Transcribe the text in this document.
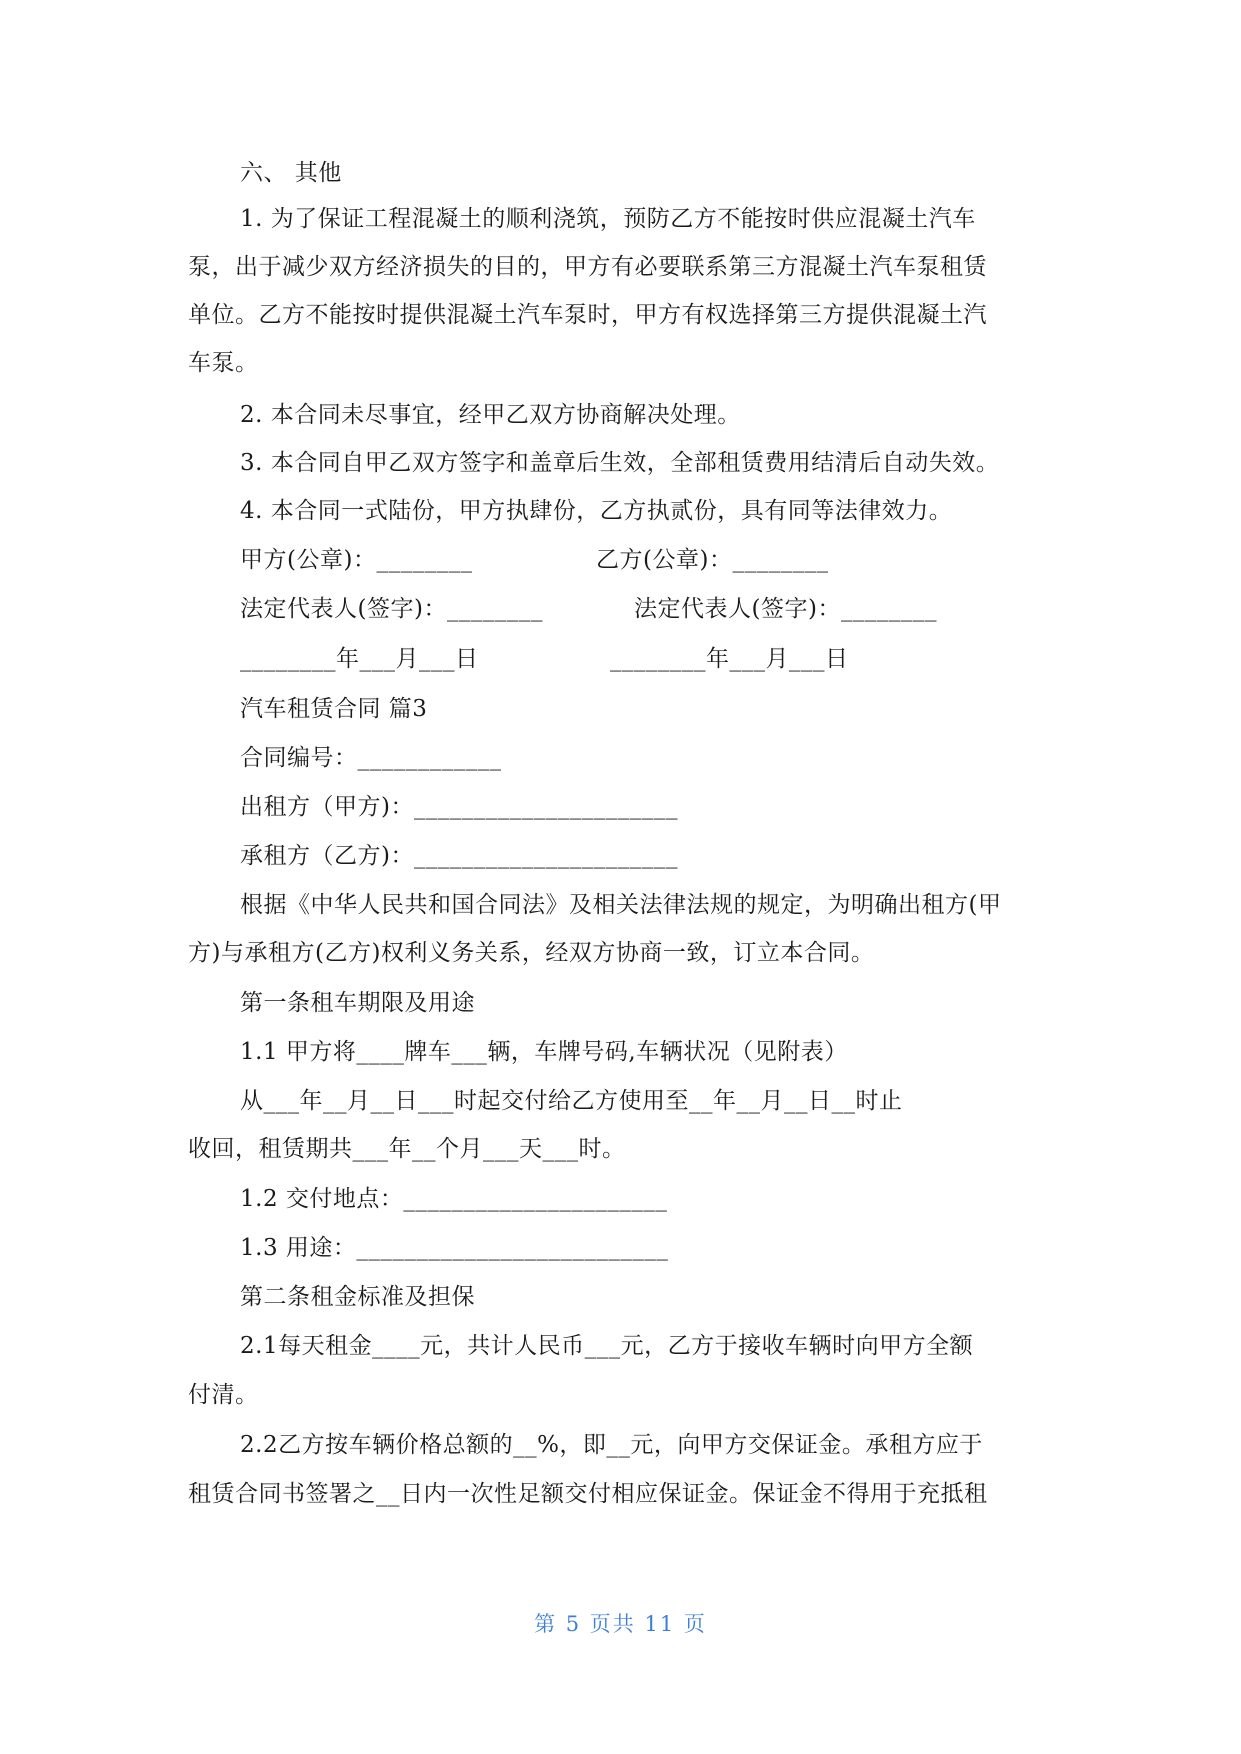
六、 其他
1. 为了保证工程混凝土的顺利浇筑，预防乙方不能按时供应混凝土汽车
泵，出于减少双方经济损失的目的，甲方有必要联系第三方混凝土汽车泵租赁
单位。乙方不能按时提供混凝土汽车泵时，甲方有权选择第三方提供混凝土汽
车泵。
2. 本合同未尽事宜，经甲乙双方协商解决处理。
3. 本合同自甲乙双方签字和盖章后生效，全部租赁费用结清后自动失效。
4. 本合同一式陆份，甲方执肆份，乙方执贰份，具有同等法律效力。
甲方(公章)：________	乙方(公章)：________
法定代表人(签字)：________	法定代表人(签字)：________
________年___月___日	________年___月___日
汽车租赁合同 篇3
合同编号：____________
出租方（甲方)：______________________
承租方（乙方)：______________________
根据《中华人民共和国合同法》及相关法律法规的规定，为明确出租方(甲
方)与承租方(乙方)权利义务关系，经双方协商一致，订立本合同。
第一条租车期限及用途
1.1 甲方将____牌车___辆，车牌号码,车辆状况（见附表）
从___年__月__日___时起交付给乙方使用至__年__月__日__时止
收回，租赁期共___年__个月___天___时。
1.2 交付地点：______________________
1.3 用途：__________________________
第二条租金标准及担保
2.1每天租金____元，共计人民币___元，乙方于接收车辆时向甲方全额
付清。
2.2乙方按车辆价格总额的__%，即__元，向甲方交保证金。承租方应于
租赁合同书签署之__日内一次性足额交付相应保证金。保证金不得用于充抵租
第 5 页共 11 页
